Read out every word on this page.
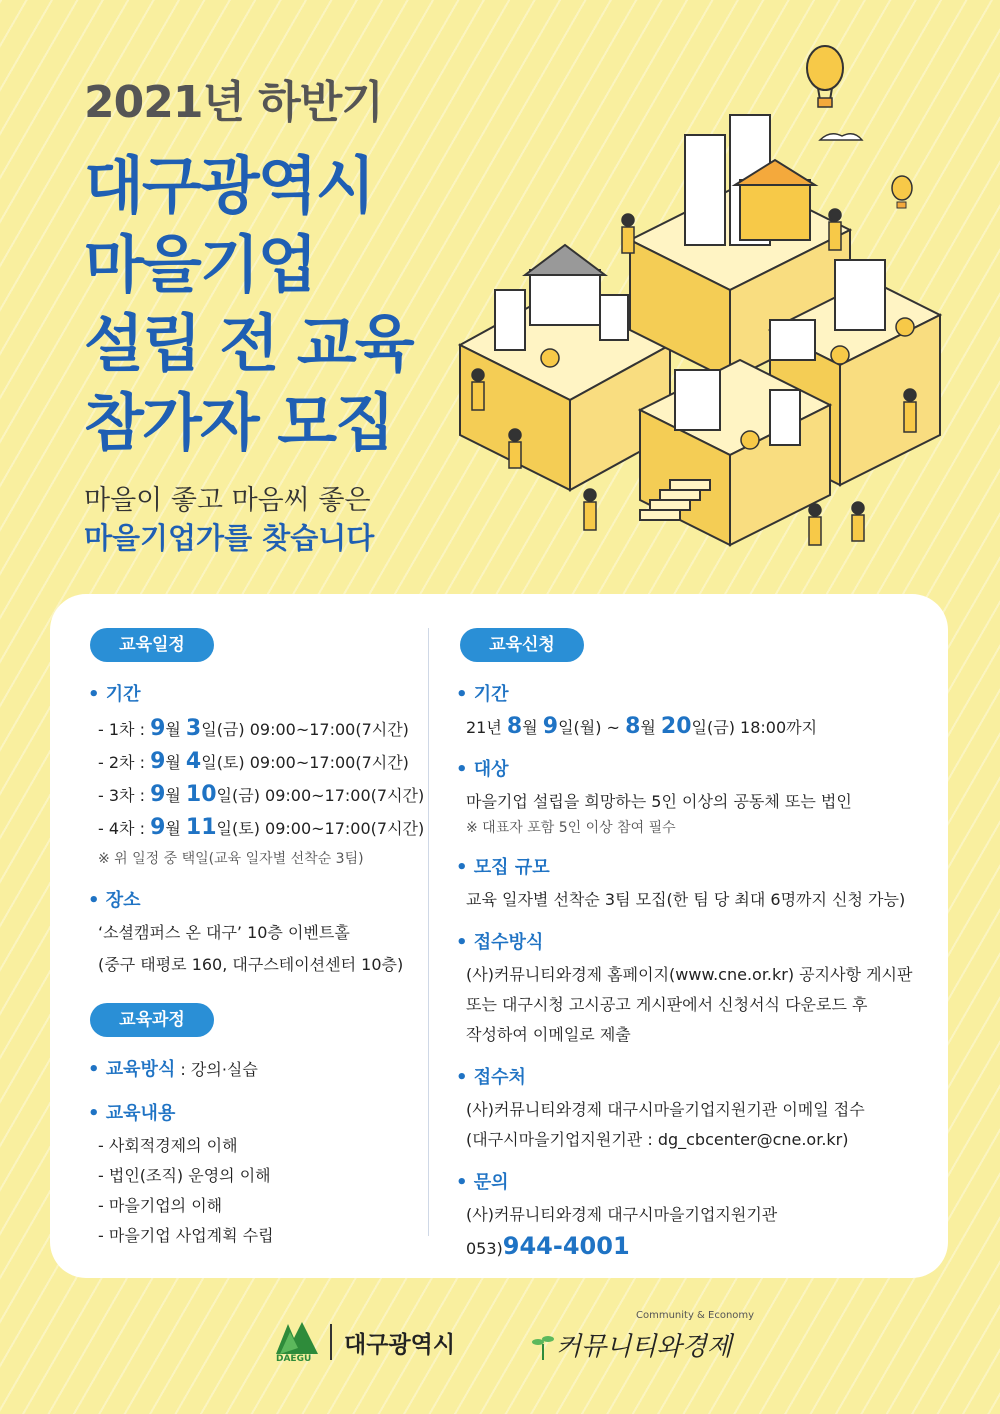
2021년 하반기
대구광역시
마을기업
설립 전 교육
참가자 모집
마을이 좋고 마음씨 좋은
마을기업가를 찾습니다
교육일정
• 기간
- 1차 : 9월 3일(금) 09:00~17:00(7시간)
- 2차 : 9월 4일(토) 09:00~17:00(7시간)
- 3차 : 9월 10일(금) 09:00~17:00(7시간)
- 4차 : 9월 11일(토) 09:00~17:00(7시간)
※ 위 일정 중 택일(교육 일자별 선착순 3팀)
• 장소
‘소셜캠퍼스 온 대구’ 10층 이벤트홀
(중구 태평로 160, 대구스테이션센터 10층)
교육과정
• 교육방식 : 강의·실습
• 교육내용
- 사회적경제의 이해
- 법인(조직) 운영의 이해
- 마을기업의 이해
- 마을기업 사업계획 수립
교육신청
• 기간
21년 8월 9일(월) ~ 8월 20일(금) 18:00까지
• 대상
마을기업 설립을 희망하는 5인 이상의 공동체 또는 법인
※ 대표자 포함 5인 이상 참여 필수
• 모집 규모
교육 일자별 선착순 3팀 모집(한 팀 당 최대 6명까지 신청 가능)
• 접수방식
(사)커뮤니티와경제 홈페이지(www.cne.or.kr) 공지사항 게시판
또는 대구시청 고시공고 게시판에서 신청서식 다운로드 후
작성하여 이메일로 제출
• 접수처
(사)커뮤니티와경제 대구시마을기업지원기관 이메일 접수
(대구시마을기업지원기관 : dg_cbcenter@cne.or.kr)
• 문의
(사)커뮤니티와경제 대구시마을기업지원기관
053)944-4001
DAEGU
대구광역시
Community & Economy
커뮤니티와경제
